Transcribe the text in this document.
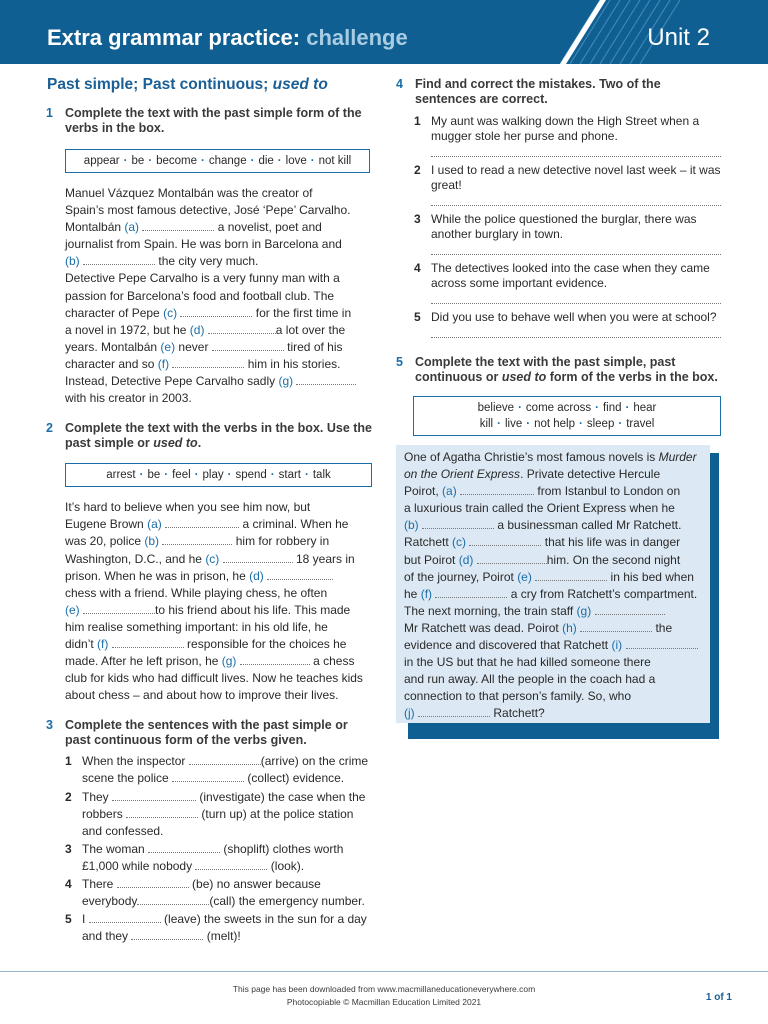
Extra grammar practice: challenge	Unit 2
Past simple; Past continuous; used to
1 Complete the text with the past simple form of the verbs in the box.
appear · be · become · change · die · love · not kill
Manuel Vázquez Montalbán was the creator of
Spain’s most famous detective, José ‘Pepe’ Carvalho.
Montalbán (a)	a novelist, poet and
journalist from Spain. He was born in Barcelona and
(b)	the city very much.
Detective Pepe Carvalho is a very funny man with a
passion for Barcelona’s food and football club. The
character of Pepe (c)	for the first time in
a novel in 1972, but he (d)	a lot over the
years. Montalbán (e) never	tired of his
character and so (f)	him in his stories.
Instead, Detective Pepe Carvalho sadly (g)
with his creator in 2003.
2 Complete the text with the verbs in the box. Use the past simple or used to.
arrest · be · feel · play · spend · start · talk
It’s hard to believe when you see him now, but
Eugene Brown (a)	a criminal. When he
was 20, police (b)	him for robbery in
Washington, D.C., and he (c)	18 years in
prison. When he was in prison, he (d)
chess with a friend. While playing chess, he often
(e)	to his friend about his life. This made
him realise something important: in his old life, he
didn’t (f)	responsible for the choices he
made. After he left prison, he (g)	a chess
club for kids who had difficult lives. Now he teaches kids
about chess – and about how to improve their lives.
3 Complete the sentences with the past simple or past continuous form of the verbs given.
1 When the inspector	(arrive) on the crime
scene the police	(collect) evidence.
2 They	(investigate) the case when the
robbers	(turn up) at the police station
and confessed.
3 The woman	(shoplift) clothes worth
£1,000 while nobody	(look).
4 There	(be) no answer because
everybody	(call) the emergency number.
5 I	(leave) the sweets in the sun for a day
and they	(melt)!
4 Find and correct the mistakes. Two of the sentences are correct.
1 My aunt was walking down the High Street when a mugger stole her purse and phone.
2 I used to read a new detective novel last week – it was great!
3 While the police questioned the burglar, there was another burglary in town.
4 The detectives looked into the case when they came across some important evidence.
5 Did you use to behave well when you were at school?
5 Complete the text with the past simple, past continuous or used to form of the verbs in the box.
believe · come across · find · hear
kill · live · not help · sleep · travel
One of Agatha Christie’s most famous novels is Murder
on the Orient Express. Private detective Hercule
Poirot, (a)	from Istanbul to London on
a luxurious train called the Orient Express when he
(b)	a businessman called Mr Ratchett.
Ratchett (c)	that his life was in danger
but Poirot (d)	him. On the second night
of the journey, Poirot (e)	in his bed when
he (f)	a cry from Ratchett’s compartment.
The next morning, the train staff (g)
Mr Ratchett was dead. Poirot (h)	the
evidence and discovered that Ratchett (i)
in the US but that he had killed someone there
and run away. All the people in the coach had a
connection to that person’s family. So, who
(j)	Ratchett?
This page has been downloaded from www.macmillaneducationeverywhere.com
Photocopiable © Macmillan Education Limited 2021	1 of 1
